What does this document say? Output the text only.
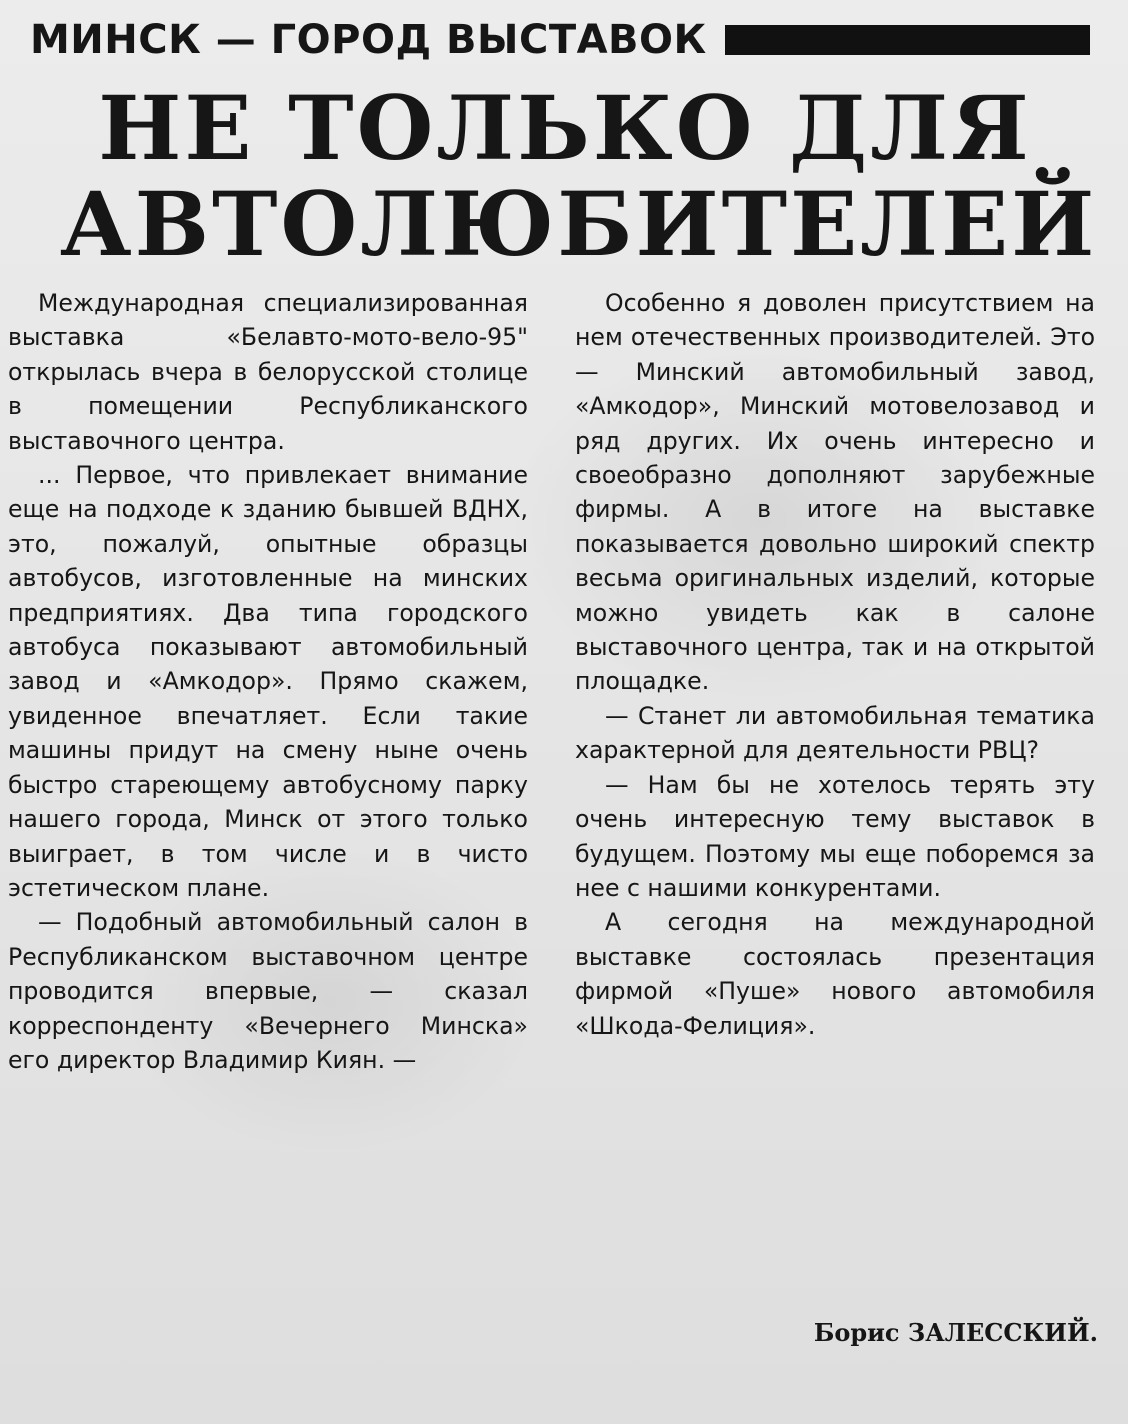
МИНСК — ГОРОД ВЫСТАВОК
НЕ ТОЛЬКО ДЛЯ
АВТОЛЮБИТЕЛЕЙ

Международная специализированная выставка «Белавто-мото-вело-95" открылась вчера в белорусской столице в помещении Республиканского выставочного центра.

... Первое, что привлекает внимание еще на подходе к зданию бывшей ВДНХ, это, пожалуй, опытные образцы автобусов, изготовленные на минских предприятиях. Два типа городского автобуса показывают автомобильный завод и «Амкодор». Прямо скажем, увиденное впечатляет. Если такие машины придут на смену ныне очень быстро стареющему автобусному парку нашего города, Минск от этого только выиграет, в том числе и в чисто эстетическом плане.

— Подобный автомобильный салон в Республиканском выставочном центре проводится впервые, — сказал корреспонденту «Вечернего Минска» его директор Владимир Киян. —

Особенно я доволен присутствием на нем отечественных производителей. Это — Минский автомобильный завод, «Амкодор», Минский мотовелозавод и ряд других. Их очень интересно и своеобразно дополняют зарубежные фирмы. А в итоге на выставке показывается довольно широкий спектр весьма оригинальных изделий, которые можно увидеть как в салоне выставочного центра, так и на открытой площадке.

— Станет ли автомобильная тематика характерной для деятельности РВЦ?

— Нам бы не хотелось терять эту очень интересную тему выставок в будущем. Поэтому мы еще поборемся за нее с нашими конкурентами.

А сегодня на международной выставке состоялась презентация фирмой «Пуше» нового автомобиля «Шкода-Фелиция».

Борис ЗАЛЕССКИЙ.
